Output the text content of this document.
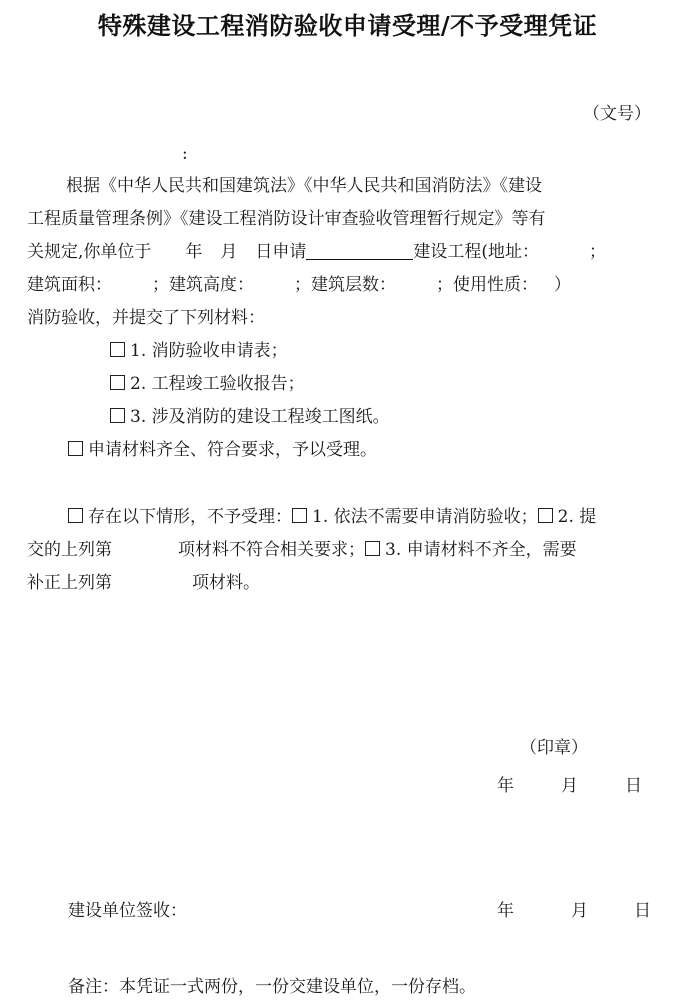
特殊建设工程消防验收申请受理/不予受理凭证
（文号）
:
根据《中华人民共和国建筑法》《中华人民共和国消防法》《建设
工程质量管理条例》《建设工程消防设计审查验收管理暂行规定》等有
关规定,你单位于 年 月 日申请	建设工程(地址：	；
建筑面积： ；建筑高度： ；建筑层数： ；使用性质： ）
消防验收，并提交了下列材料：
1. 消防验收申请表；
2. 工程竣工验收报告；
3. 涉及消防的建设工程竣工图纸。
申请材料齐全、符合要求，予以受理。
存在以下情形，不予受理： 1. 依法不需要申请消防验收； 2. 提
交的上列第	项材料不符合相关要求； 3. 申请材料不齐全，需要
补正上列第	项材料。
（印章）
年	月	日
建设单位签收：	年	月	日
备注：本凭证一式两份，一份交建设单位，一份存档。
